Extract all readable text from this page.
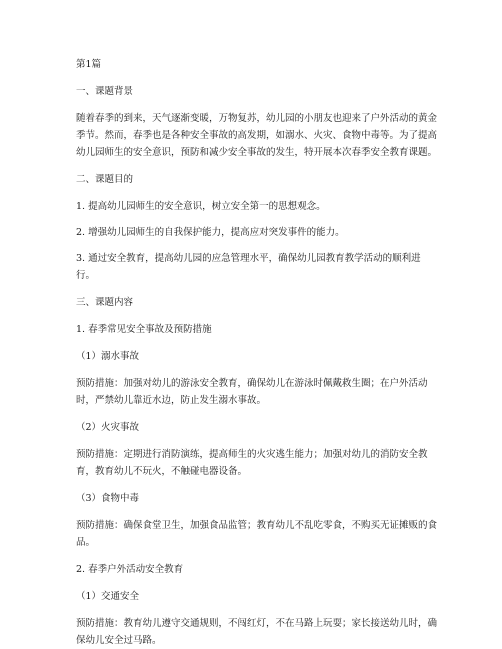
第1篇

一、课题背景

随着春季的到来，天气逐渐变暖，万物复苏，幼儿园的小朋友也迎来了户外活动的黄金季节。然而，春季也是各种安全事故的高发期，如溺水、火灾、食物中毒等。为了提高幼儿园师生的安全意识，预防和减少安全事故的发生，特开展本次春季安全教育课题。

二、课题目的

1. 提高幼儿园师生的安全意识，树立安全第一的思想观念。

2. 增强幼儿园师生的自我保护能力，提高应对突发事件的能力。

3. 通过安全教育，提高幼儿园的应急管理水平，确保幼儿园教育教学活动的顺利进行。

三、课题内容

1. 春季常见安全事故及预防措施

（1）溺水事故

预防措施：加强对幼儿的游泳安全教育，确保幼儿在游泳时佩戴救生圈；在户外活动时，严禁幼儿靠近水边，防止发生溺水事故。

（2）火灾事故

预防措施：定期进行消防演练，提高师生的火灾逃生能力；加强对幼儿的消防安全教育，教育幼儿不玩火，不触碰电器设备。

（3）食物中毒

预防措施：确保食堂卫生，加强食品监管；教育幼儿不乱吃零食，不购买无证摊贩的食品。

2. 春季户外活动安全教育

（1）交通安全

预防措施：教育幼儿遵守交通规则，不闯红灯，不在马路上玩耍；家长接送幼儿时，确保幼儿安全过马路。
